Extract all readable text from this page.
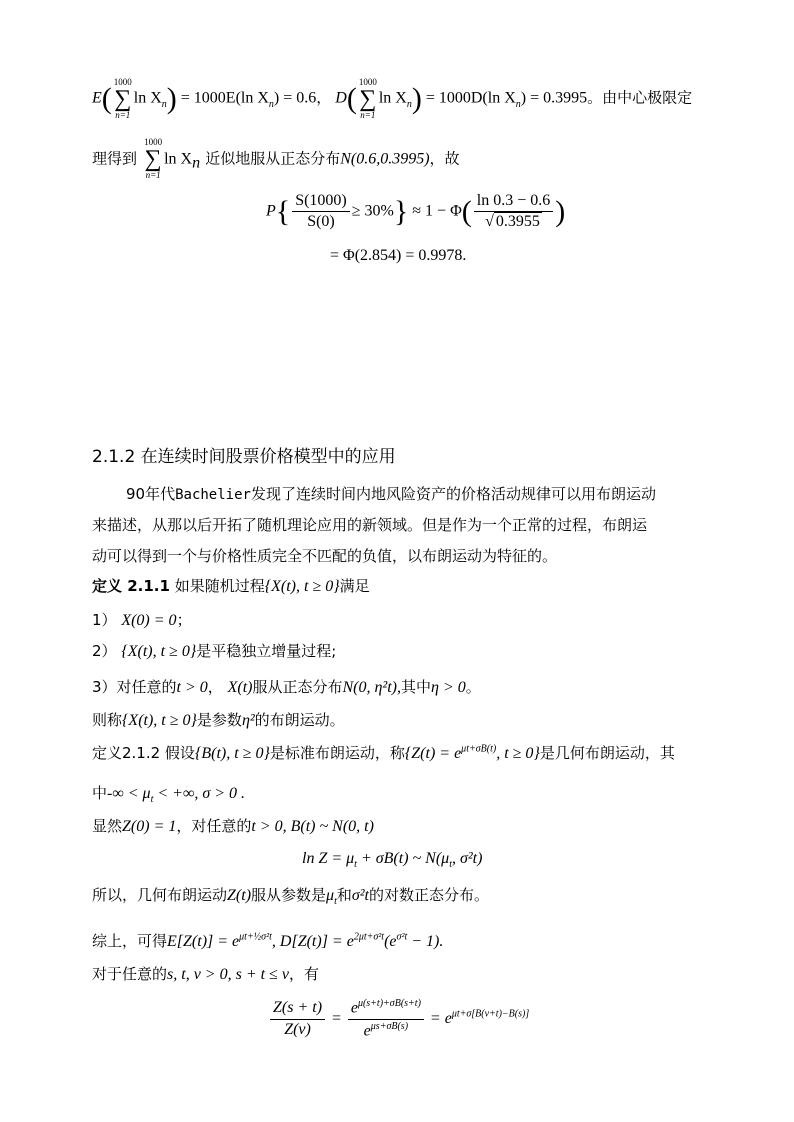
E( 1000
∑
n=1
$\ln X_n) = 1000E(\ln$ $X_n) = 0.6$， D( 1000
∑
n=1
$\ln X_n) = 1000D(\ln$ $X_n) = 0.3995$。由中心极限定
理得到
1000
∑
n=1
$\ln X_n$ 近似地服从正态分布N(0.6,0.3995)，故
$P\{ \frac{S(1000)}{S(0)} \ge 30\%\} \approx 1 - \Phi( \frac{\ln 0.3 - 0.6}{√ 0.3955}$ )
= Φ(2.854) = 0.9978.
2.1.2 在连续时间股票价格模型中的应用
90年代Bachelier发现了连续时间内地风险资产的价格活动规律可以用布朗运动
来描述，从那以后开拓了随机理论应用的新领域。但是作为一个正常的过程，布朗运
动可以得到一个与价格性质完全不匹配的负值，以布朗运动为特征的。
定义 2.1.1 如果随机过程{X(t), t ≥ 0}满足
1） X(0) = 0；
2） {X(t), t ≥ 0}是平稳独立增量过程;
3）对任意的t > 0， X(t)服从正态分布N(0, η²t),其中η > 0。
则称{X(t), t ≥ 0}是参数η²的布朗运动。
定义2.1.2 假设{B(t), t ≥ 0}是标准布朗运动，称{$Z(t) = e^{\mu t+\sigma B(t)}$, t ≥ 0}是几何布朗运动，其
中-∞ < $\mu_t$ < +∞, σ > 0 .
显然Z(0) = 1，对任意的t > 0, B(t) ~ N(0, t)
$\ln Z = \mu_t + \sigma B(t)$ ~ $N(\mu_t$, σ²t)
所以，几何布朗运动Z(t)服从参数是$\mu_t$和σ²t的对数正态分布。
综上，可得$E[Z(t)] = e^{\mu t+\frac{1}{2}\sigma^2t}$, $D[Z(t)] = e^{2\mu t+\sigma^2t}(e^{\sigma^2t} - 1)$.
对于任意的s, t, v > 0, s + t ≤ v，有
$\frac{Z(s + t)}{Z(v)} = \frac{e^{\mu(s+t)+\sigma B(s+t)}}{e^{\mu s+\sigma B(s)}} = e^{\mu t+\sigma[B(v+t)-B(s)]}$
